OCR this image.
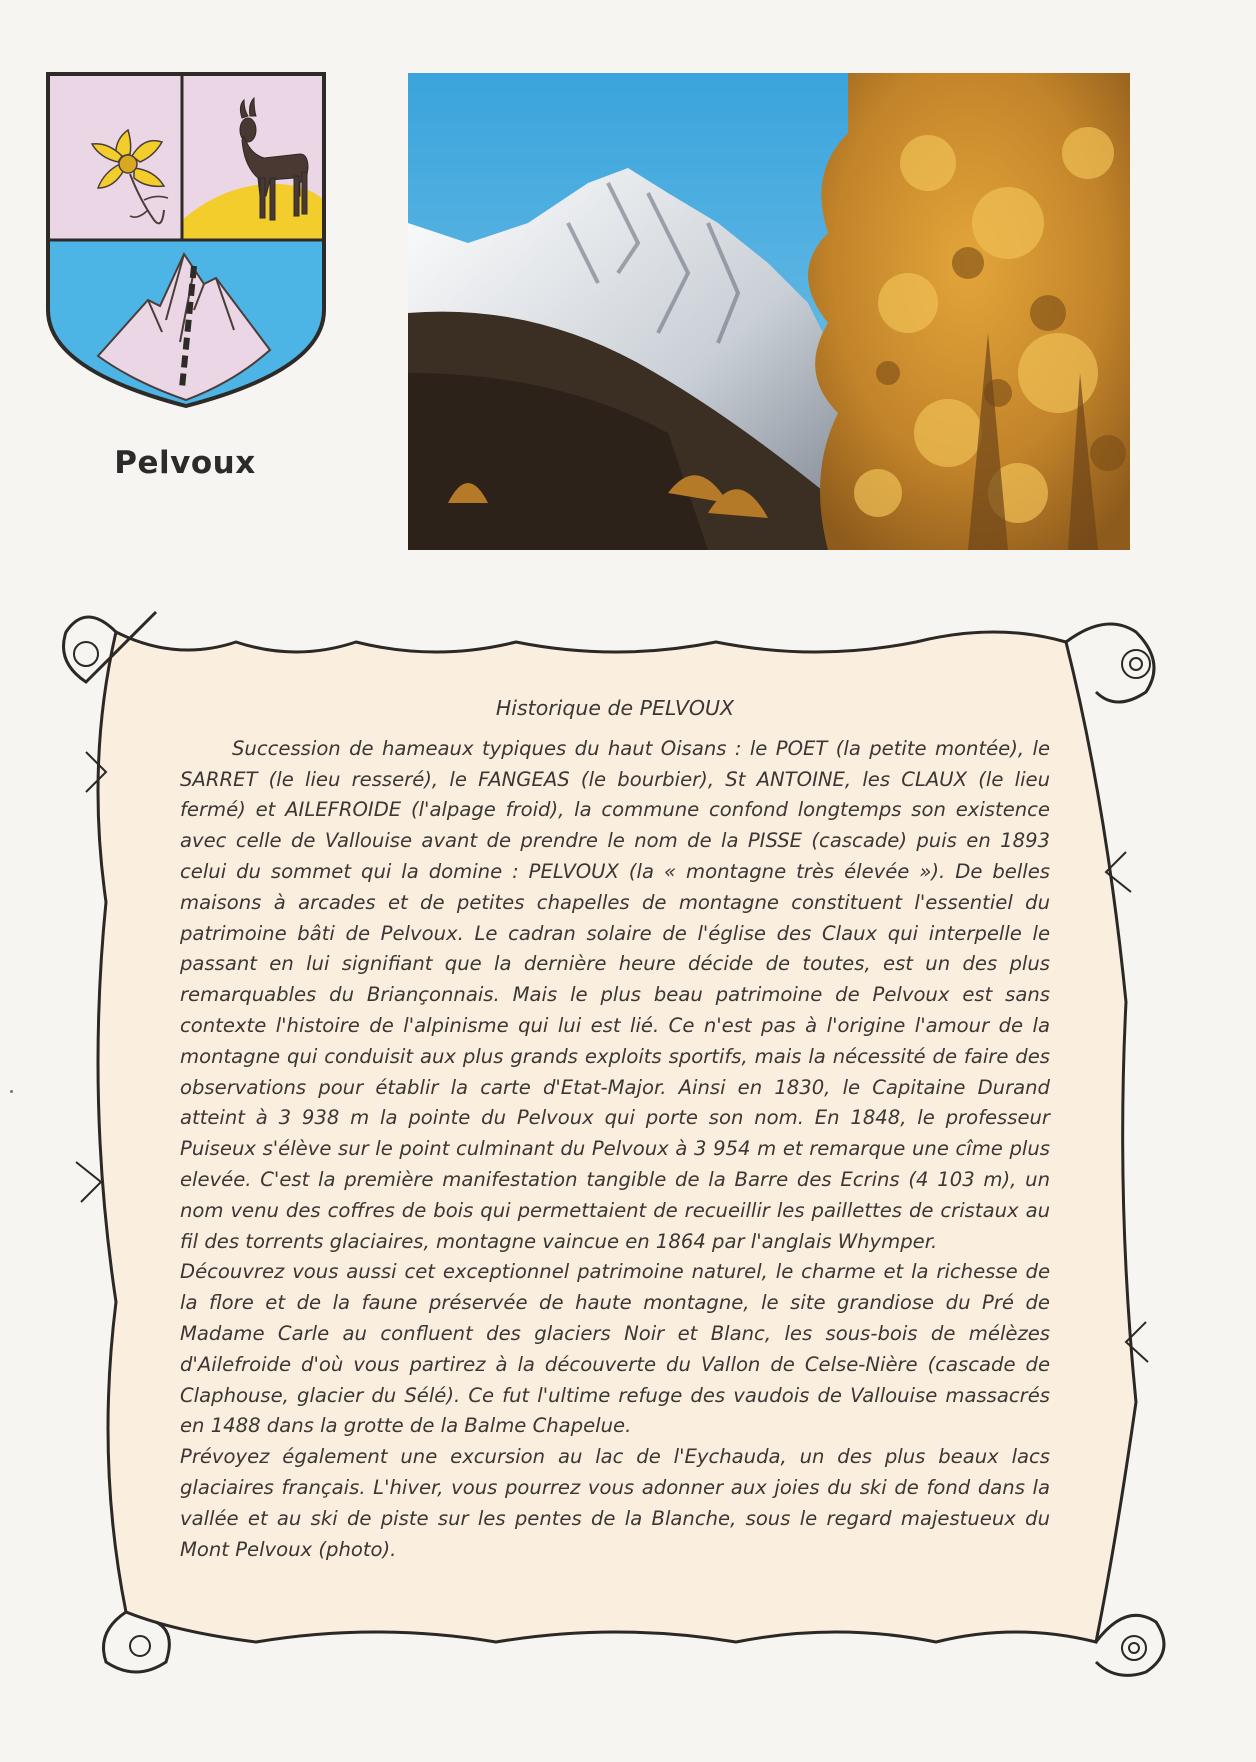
Pelvoux
Historique de PELVOUX

Succession de hameaux typiques du haut Oisans : le POET (la petite montée), le SARRET (le lieu resseré), le FANGEAS (le bourbier), St ANTOINE, les CLAUX (le lieu fermé) et AILEFROIDE (l'alpage froid), la commune confond longtemps son existence avec celle de Vallouise avant de prendre le nom de la PISSE (cascade) puis en 1893 celui du sommet qui la domine : PELVOUX (la « montagne très élevée »). De belles maisons à arcades et de petites chapelles de montagne constituent l'essentiel du patrimoine bâti de Pelvoux. Le cadran solaire de l'église des Claux qui interpelle le passant en lui signifiant que la dernière heure décide de toutes, est un des plus remarquables du Briançonnais. Mais le plus beau patrimoine de Pelvoux est sans contexte l'histoire de l'alpinisme qui lui est lié. Ce n'est pas à l'origine l'amour de la montagne qui conduisit aux plus grands exploits sportifs, mais la nécessité de faire des observations pour établir la carte d'Etat-Major. Ainsi en 1830, le Capitaine Durand atteint à 3 938 m la pointe du Pelvoux qui porte son nom. En 1848, le professeur Puiseux s'élève sur le point culminant du Pelvoux à 3 954 m et remarque une cîme plus elevée. C'est la première manifestation tangible de la Barre des Ecrins (4 103 m), un nom venu des coffres de bois qui permettaient de recueillir les paillettes de cristaux au fil des torrents glaciaires, montagne vaincue en 1864 par l'anglais Whymper.

Découvrez vous aussi cet exceptionnel patrimoine naturel, le charme et la richesse de la flore et de la faune préservée de haute montagne, le site grandiose du Pré de Madame Carle au confluent des glaciers Noir et Blanc, les sous-bois de mélèzes d'Ailefroide d'où vous partirez à la découverte du Vallon de Celse-Nière (cascade de Claphouse, glacier du Sélé). Ce fut l'ultime refuge des vaudois de Vallouise massacrés en 1488 dans la grotte de la Balme Chapelue.

Prévoyez également une excursion au lac de l'Eychauda, un des plus beaux lacs glaciaires français. L'hiver, vous pourrez vous adonner aux joies du ski de fond dans la vallée et au ski de piste sur les pentes de la Blanche, sous le regard majestueux du Mont Pelvoux (photo).
